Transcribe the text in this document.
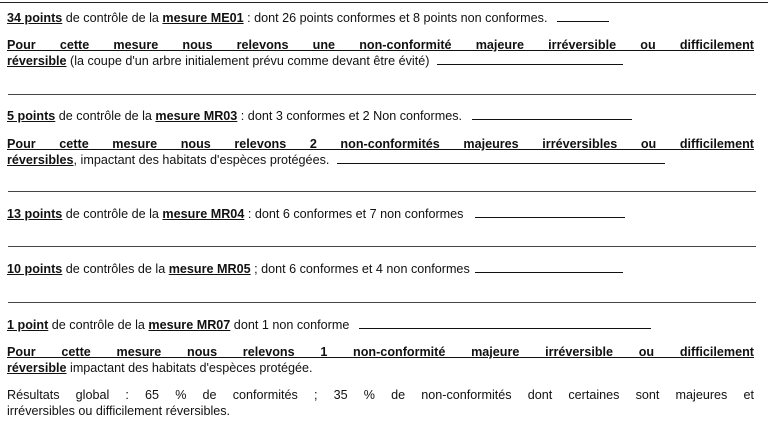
34 points de contrôle de la mesure ME01 : dont 26 points conformes et 8 points non conformes.
Pour cette mesure nous relevons une non-conformité majeure irréversible ou difficilement
réversible (la coupe d'un arbre initialement prévu comme devant être évité)
5 points de contrôle de la mesure MR03 : dont 3 conformes et 2 Non conformes.
Pour cette mesure nous relevons 2 non-conformités majeures irréversibles ou difficilement
réversibles, impactant des habitats d'espèces protégées.
13 points de contrôle de la mesure MR04 : dont 6 conformes et 7 non conformes
10 points de contrôles de la mesure MR05 ; dont 6 conformes et 4 non conformes
1 point de contrôle de la mesure MR07 dont 1 non conforme
Pour cette mesure nous relevons 1 non-conformité majeure irréversible ou difficilement
réversible impactant des habitats d'espèces protégée.
Résultats global : 65 % de conformités ; 35 % de non-conformités dont certaines sont majeures et
irréversibles ou difficilement réversibles.
